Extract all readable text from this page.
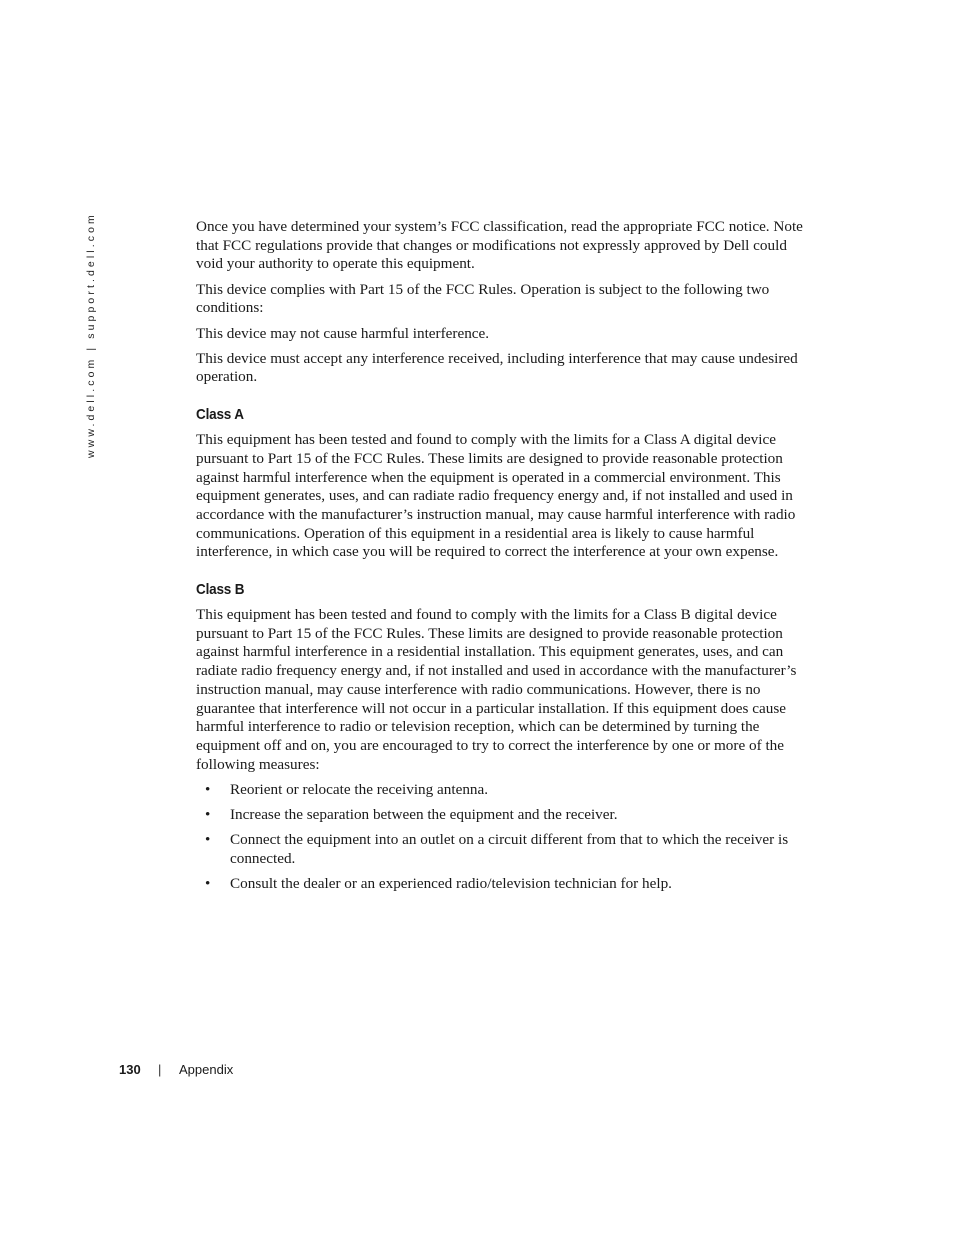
www.dell.com | support.dell.com	Once you have determined your system’s FCC classification, read the appropriate FCC notice. Note that FCC regulations provide that changes or modifications not expressly approved by Dell could void your authority to operate this equipment.

This device complies with Part 15 of the FCC Rules. Operation is subject to the following two conditions:

This device may not cause harmful interference.

This device must accept any interference received, including interference that may cause undesired operation.

Class A

This equipment has been tested and found to comply with the limits for a Class A digital device pursuant to Part 15 of the FCC Rules. These limits are designed to provide reasonable protection against harmful interference when the equipment is operated in a commercial environment. This equipment generates, uses, and can radiate radio frequency energy and, if not installed and used in accordance with the manufacturer’s instruction manual, may cause harmful interference with radio communications. Operation of this equipment in a residential area is likely to cause harmful interference, in which case you will be required to correct the interference at your own expense.

Class B

This equipment has been tested and found to comply with the limits for a Class B digital device pursuant to Part 15 of the FCC Rules. These limits are designed to provide reasonable protection against harmful interference in a residential installation. This equipment generates, uses, and can radiate radio frequency energy and, if not installed and used in accordance with the manufacturer’s instruction manual, may cause interference with radio communications. However, there is no guarantee that interference will not occur in a particular installation. If this equipment does cause harmful interference to radio or television reception, which can be determined by turning the equipment off and on, you are encouraged to try to correct the interference by one or more of the following measures:

• Reorient or relocate the receiving antenna.
• Increase the separation between the equipment and the receiver.
• Connect the equipment into an outlet on a circuit different from that to which the receiver is connected.
• Consult the dealer or an experienced radio/television technician for help.
130 | Appendix
